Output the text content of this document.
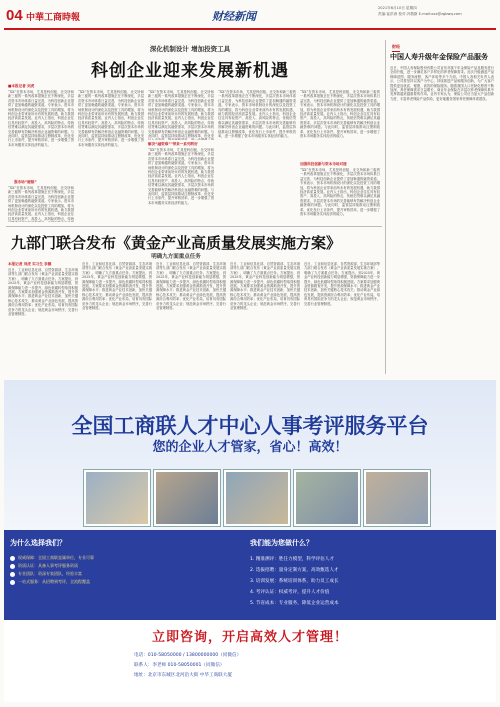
04 中華工商時報	财经新闻
2021年6月10日 星期四
责编:崔洪涛 校对:冯敬斯 E-mail:xxx@zgbwq.com
深化机制设计 增加投资工具
科创企业迎来发展新机遇
■本报记者 刘虎
“XX”在资本市场，尤其是科创板、北交所和新三板的一系列改革措施正在不断深化，多层次资本市场体系日益完善，为科技创新企业提供了更加畅通的融资渠道。专家表示，资本市场机制设计的深化以及投资工具的增加，将为科创企业带来前所未有的发展机遇，助力我国经济高质量发展。业内人士指出，科创企业往往具有轻资产、高投入、高风险的特点，传统信贷难以满足其融资需求，多层次资本市场的完善能够有效解决科创企业融资难的问题。与此同时，监管层持续推动注册制改革，优化发行上市条件，提升审核效率，进一步增强了资本市场服务实体经济的能力。
强市场“硬核”
“XX”在资本市场，尤其是科创板、北交所和新三板的一系列改革措施正在不断深化，多层次资本市场体系日益完善，为科技创新企业提供了更加畅通的融资渠道。专家表示，资本市场机制设计的深化以及投资工具的增加，将为科创企业带来前所未有的发展机遇，助力我国经济高质量发展。业内人士指出，科创企业往往具有轻资产、高投入、高风险的特点，传统
“XX”在资本市场，尤其是科创板、北交所和新三板的一系列改革措施正在不断深化，多层次资本市场体系日益完善，为科技创新企业提供了更加畅通的融资渠道。专家表示，资本市场机制设计的深化以及投资工具的增加，将为科创企业带来前所未有的发展机遇，助力我国经济高质量发展。业内人士指出，科创企业往往具有轻资产、高投入、高风险的特点，传统信贷难以满足其融资需求，多层次资本市场的完善能够有效解决科创企业融资难的问题。与此同时，监管层持续推动注册制改革，优化发行上市条件，提升审核效率，进一步增强了资本市场服务实体经济的能力。	解决“融资难”"带来一系列利好
“XX”在资本市场，尤其是科创板、北交所和新三板的一系列改革措施正在不断深化，多层次资本市场体系日益完善，为科技创新企业提供了更加畅通的融资渠道。专家表示，资本市场机制设计的深化以及投资工具的增加，将为科创企业带来前所未有的发展机遇，助力我国经济高质量发展。业内人士指出，科创企业往往具有轻资产、高投入、高风险的特点，传统信贷难以满足其融资需求，多层次资本市场的完善能够有效解决科创企业融资难的问题。与此同时，监管层持续推动注册制改革，优化发
“XX”在资本市场，尤其是科创板、北交所和新三板的一系列改革措施正在不断深化，多层次资本市场体系日益完善，为科技创新企业提供了更加畅通的融资渠道。专家表示，资本市场机制设计的深化以及投资工具的增加，将为科创企业带来前所未有的发展机遇，助力我国经济高质量发展。业内人士指出，科创企业往往具有轻资产、高投入、高风险的特点，传统信贷难以满足其融资需求，多层次资本市场的完善能够有效解决科创企业融资难的问题。与此同时，监管层持续推动注册制改革，优化发行上市条件，提升审核效率，进一步增强了资本市场服务实体经济的能力。
“XX”在资本市场，尤其是科创板、北交所和新三板的一系列改革措施正在不断深化，多层次资本市场体系日益完善，为科技创新企业提供了更加畅通的融资渠道。专家表示，资本市场机制设计的深化以及投资工具的增加，将为科创企业带来前所未有的发展机遇，助力我国经济高质量发展。业内人士指出，科创企业往往具有轻资产、高投入、高风险的特点，传统信贷难以满足其融资需求，多层次资本市场的完善能够有效解决科创企业融资难的问题。与此同时，监管层持续推动注册制改革，优化发行上市条件，提升审核效率，进一步增强了资本市场服务实体经济的能力。
加强科技创新与资本市场对接
“XX”在资本市场，尤其是科创板、北交所和新三板的一系列改革措施正在不断深化，多层次资本市场体系日益完善，为科技创新企业提供了更加畅通的融资渠道。专家表示，资本市场机制设计的深化以及投资工具的增加，将为科创企业带来前所未有的发展机遇，助力我国经济高质量发展。业内人士指出，科创企业往往具有轻资产、高投入、高风险的特点，传统信贷难以满足其融资需求，多层次资本市场的完善能够有效解决科创企业融资难的问题。与此同时，监管层持续推动注册制改革，优化发行上市条件，提升审核效率，进一步增强了资本市场服务实体经济的能力。
“XX”在资本市场，尤其是科创板、北交所和新三板的一系列改革措施正在不断深化，多层次资本市场体系日益完善，为科技创新企业提供了更加畅通的融资渠道。专家表示，资本市场机制设计的深化以及投资工具的增加，将为科创企业带来前所未有的发展机遇，助力我国经济高质量发展。业内人士指出，科创企业往往具有轻资产、高投入、高风险的特点，传统信贷难以满足其融资需求，多层次资本市场的完善能够有效解决科创企业融资难的问题。与此同时，监管层持续推动注册制改革，优化发行上市条件，提升审核效率，进一步增强了资本市场服务实体经济的能力。
九部门联合发布《黄金产业高质量发展实施方案》
明确九方面重点任务
本报记者 刘虎 实习生 李娜
近日，工业和信息化部、自然资源部、生态环境部等九部门联合发布《黄金产业高质量发展实施方案》，明确了九方面重点任务。方案提出，到2025年，黄金产业科技创新能力明显增强，资源保障能力进一步提升，绿色低碳转型取得积极进展。方案要求加强黄金资源勘查开发，提升资源保障水平；推进黄金产业技术创新，加快关键核心技术攻关；推动黄金产业绿色发展，提高资源综合利用效率；优化产业布局，培育具有国际竞争力的龙头企业；规范黄金市场秩序，完善行业管理制度。
近日，工业和信息化部、自然资源部、生态环境部等九部门联合发布《黄金产业高质量发展实施方案》，明确了九方面重点任务。方案提出，到2025年，黄金产业科技创新能力明显增强，资源保障能力进一步提升，绿色低碳转型取得积极进展。方案要求加强黄金资源勘查开发，提升资源保障水平；推进黄金产业技术创新，加快关键核心技术攻关；推动黄金产业绿色发展，提高资源综合利用效率；优化产业布局，培育具有国际竞争力的龙头企业；规范黄金市场秩序，完善行业管理制度。
近日，工业和信息化部、自然资源部、生态环境部等九部门联合发布《黄金产业高质量发展实施方案》，明确了九方面重点任务。方案提出，到2025年，黄金产业科技创新能力明显增强，资源保障能力进一步提升，绿色低碳转型取得积极进展。方案要求加强黄金资源勘查开发，提升资源保障水平；推进黄金产业技术创新，加快关键核心技术攻关；推动黄金产业绿色发展，提高资源综合利用效率；优化产业布局，培育具有国际竞争力的龙头企业；规范黄金市场秩序，完善行业管理制度。
近日，工业和信息化部、自然资源部、生态环境部等九部门联合发布《黄金产业高质量发展实施方案》，明确了九方面重点任务。方案提出，到2025年，黄金产业科技创新能力明显增强，资源保障能力进一步提升，绿色低碳转型取得积极进展。方案要求加强黄金资源勘查开发，提升资源保障水平；推进黄金产业技术创新，加快关键核心技术攻关；推动黄金产业绿色发展，提高资源综合利用效率；优化产业布局，培育具有国际竞争力的龙头企业；规范黄金市场秩序，完善行业管理制度。
近日，工业和信息化部、自然资源部、生态环境部等九部门联合发布《黄金产业高质量发展实施方案》，明确了九方面重点任务。方案提出，到2025年，黄金产业科技创新能力明显增强，资源保障能力进一步提升，绿色低碳转型取得积极进展。方案要求加强黄金资源勘查开发，提升资源保障水平；推进黄金产业技术创新，加快关键核心技术攻关；推动黄金产业绿色发展，提高资源综合利用效率；优化产业布局，培育具有国际竞争力的龙头企业；规范黄金市场秩序，完善行业管理制度。
财经
中国人寿升级年金保险产品服务
近日，中国人寿保险股份有限公司宣布对旗下年金保险产品及服务进行全面升级，进一步满足客户多样化的养老保障需求。此次升级涵盖产品保障范围、服务流程、客户体验等多个方面。中国人寿相关负责人表示，公司将坚持以客户为中心，持续推进产品和服务创新，为广大客户提供更加优质、便捷、高效的保险服务。随着我国人口老龄化程度不断加深，养老保障需求日益增长，商业年金保险在多层次养老保障体系中发挥着越来越重要的作用。业内专家认为，保险公司应当加大产品创新力度，丰富养老保险产品供给，更好地服务国家养老保障体系建设。
全国工商联人才中心人事考评服务平台
您的企业人才管家，省心！高效！
为什么选择我们？
权威保障：全国工商联直属单位，专业可靠
资质认证：具备人事考评服务资质
专业团队：资深专家团队，经验丰富
一站式服务：从招聘到考评，全流程覆盖
我们能为您做什么？
1. 精准测评：胜任力模型，科学评估人才
2. 选拔招聘：量身定制方案，高效甄选人才
3. 培训发展：系统培训体系，助力员工成长
4. 考评认证：权威考评，提升人才价值
5. 节省成本：专业服务，降低企业运营成本
立即咨询，开启高效人才管理！
电话：010-58050000 / 13800000000（同微信）
联系人：李老师 010-58050001（同微信）
地址：北京市东城区北河沿大街 中华工商联大厦
